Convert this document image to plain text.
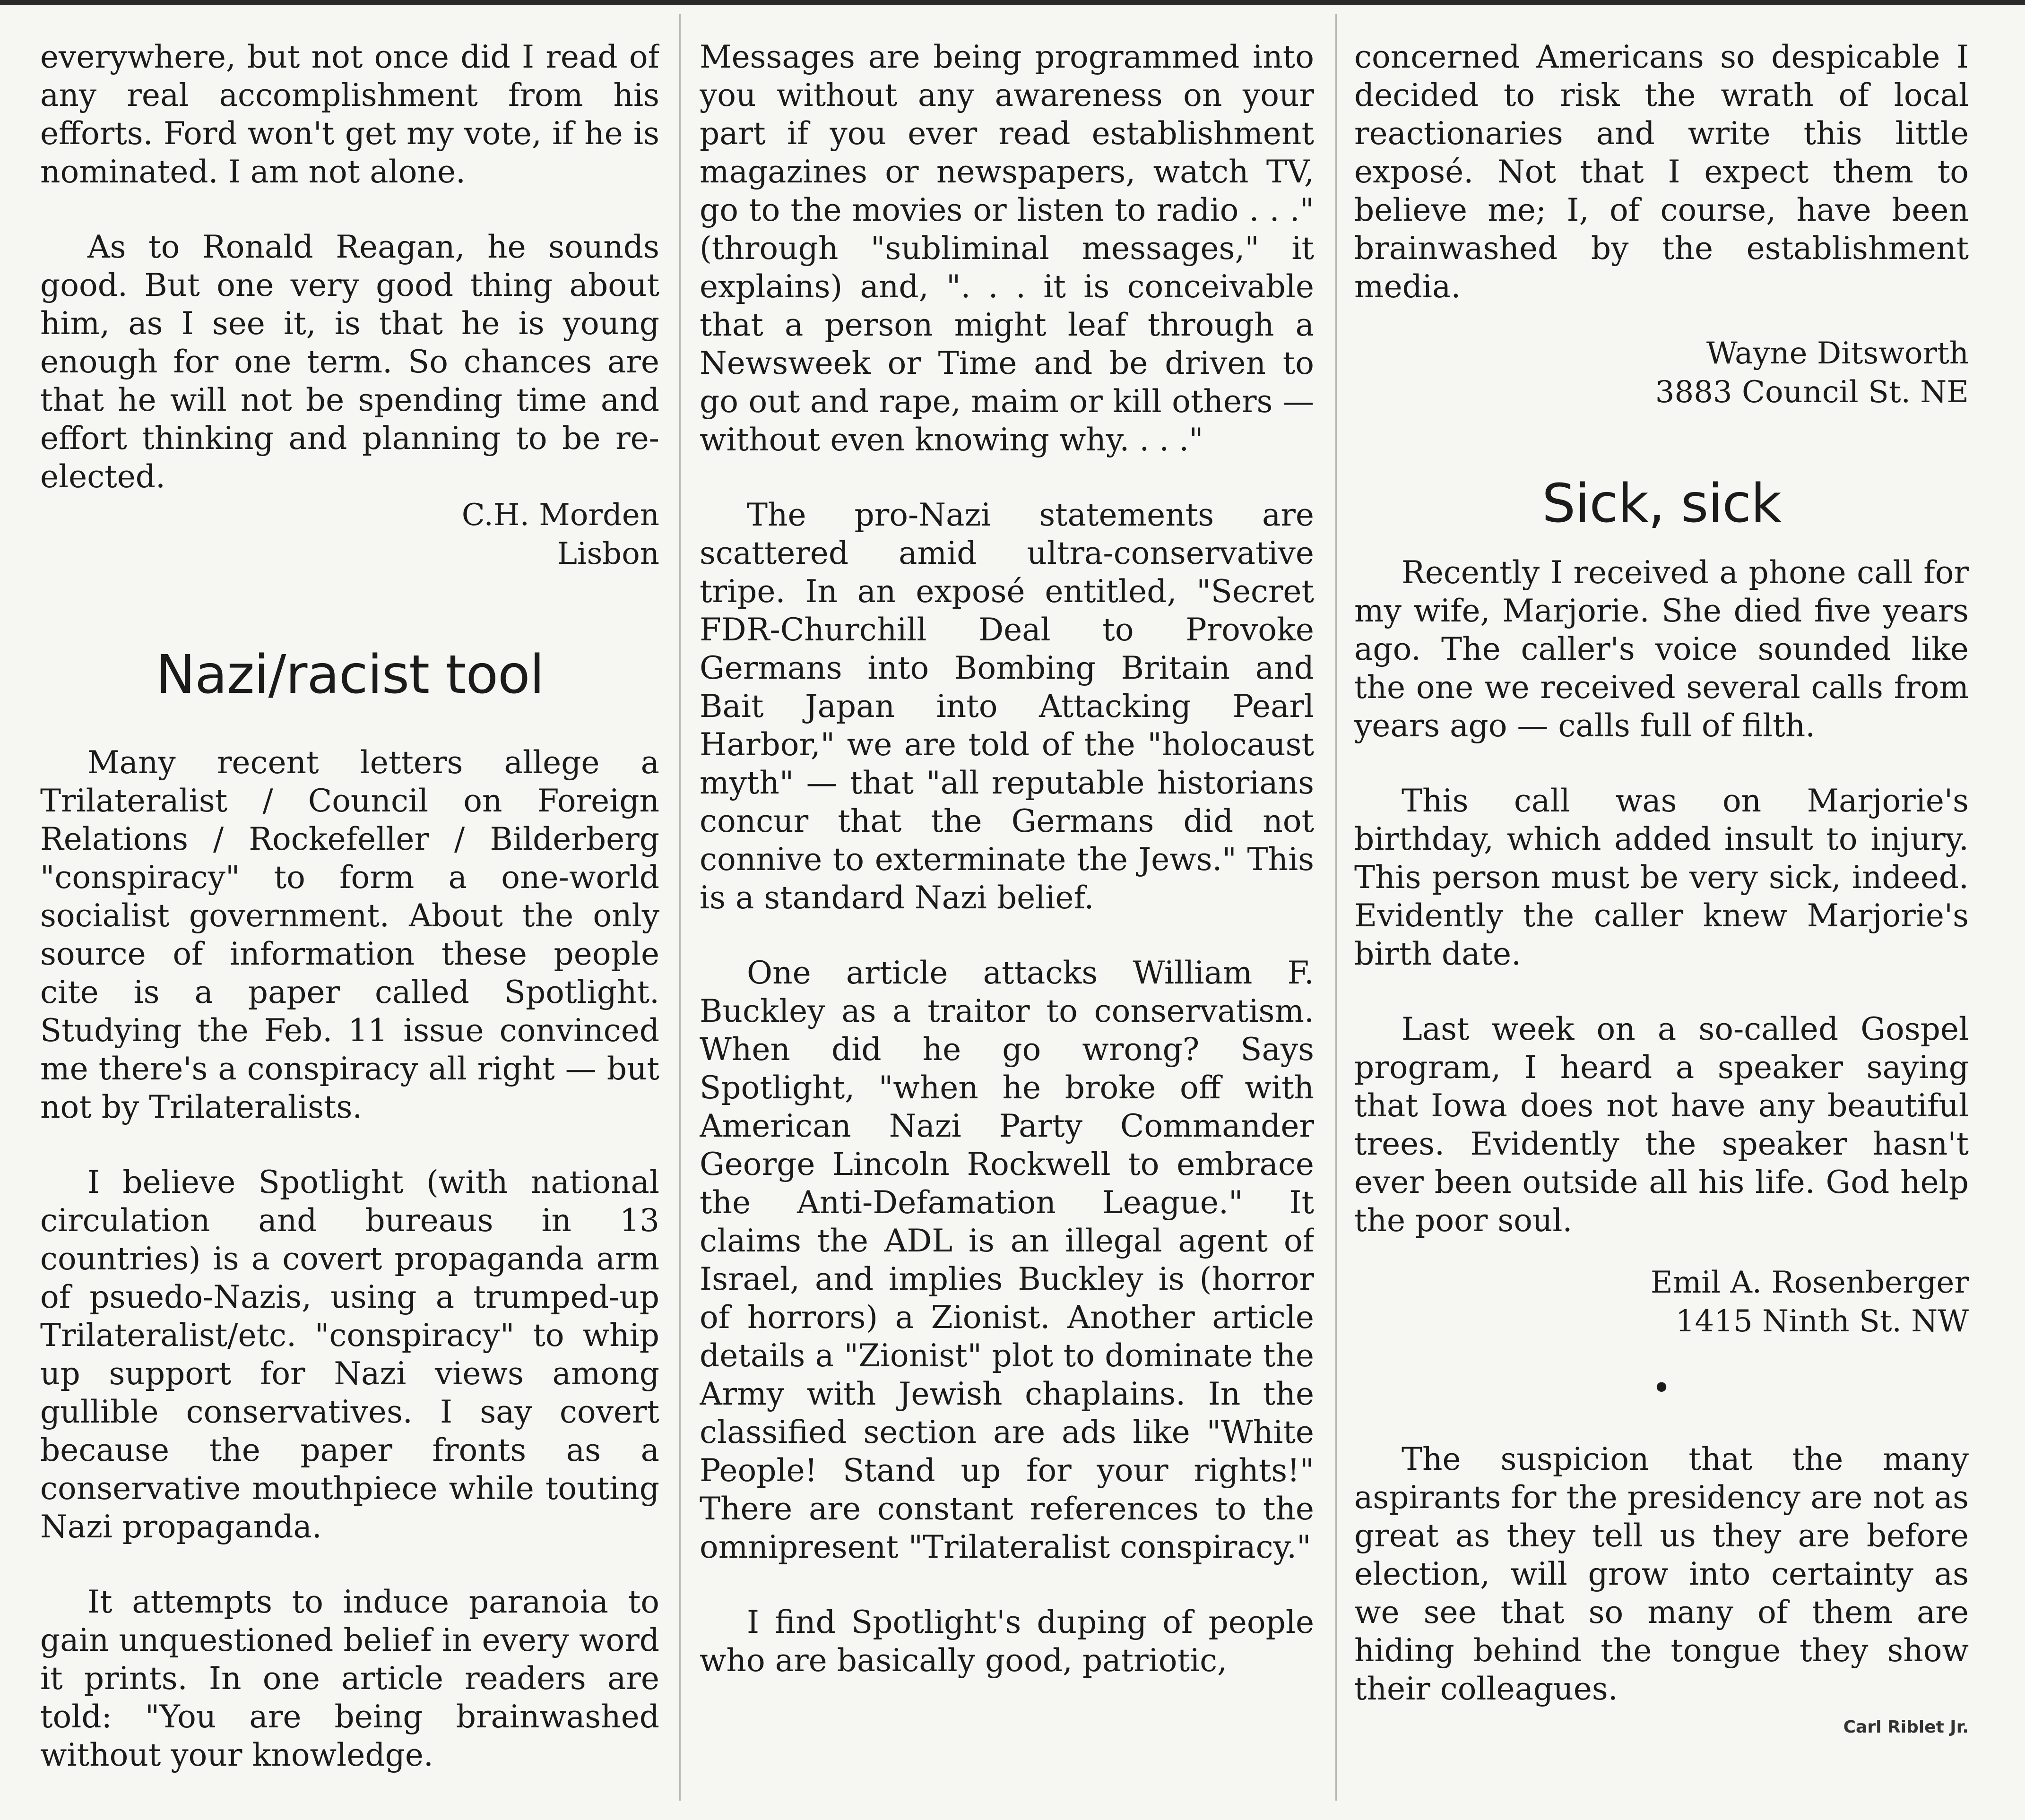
everywhere, but not once did I read of any real accomplishment from his efforts. Ford won't get my vote, if he is nominated. I am not alone.

As to Ronald Reagan, he sounds good. But one very good thing about him, as I see it, is that he is young enough for one term. So chances are that he will not be spending time and effort thinking and planning to be re-elected.

C.H. Morden
Lisbon
Nazi/racist tool

Many recent letters allege a Trilateralist / Council on Foreign Relations / Rockefeller / Bilderberg "conspiracy" to form a one-world socialist government. About the only source of information these people cite is a paper called Spotlight. Studying the Feb. 11 issue convinced me there's a conspiracy all right — but not by Trilateralists.

I believe Spotlight (with national circulation and bureaus in 13 countries) is a covert propaganda arm of psuedo-Nazis, using a trumped-up Trilateralist/etc. "conspiracy" to whip up support for Nazi views among gullible conservatives. I say covert because the paper fronts as a conservative mouthpiece while touting Nazi propaganda.

It attempts to induce paranoia to gain unquestioned belief in every word it prints. In one article readers are told: "You are being brainwashed without your knowledge.

Messages are being programmed into you without any awareness on your part if you ever read establishment magazines or newspapers, watch TV, go to the movies or listen to radio . . ." (through "subliminal messages," it explains) and, ". . . it is conceivable that a person might leaf through a Newsweek or Time and be driven to go out and rape, maim or kill others — without even knowing why. . . ."

The pro-Nazi statements are scattered amid ultra-conservative tripe. In an exposé entitled, "Secret FDR-Churchill Deal to Provoke Germans into Bombing Britain and Bait Japan into Attacking Pearl Harbor," we are told of the "holocaust myth" — that "all reputable historians concur that the Germans did not connive to exterminate the Jews." This is a standard Nazi belief.

One article attacks William F. Buckley as a traitor to conservatism. When did he go wrong? Says Spotlight, "when he broke off with American Nazi Party Commander George Lincoln Rockwell to embrace the Anti-Defamation League." It claims the ADL is an illegal agent of Israel, and implies Buckley is (horror of horrors) a Zionist. Another article details a "Zionist" plot to dominate the Army with Jewish chaplains. In the classified section are ads like "White People! Stand up for your rights!" There are constant references to the omnipresent "Trilateralist conspiracy."

I find Spotlight's duping of people who are basically good, patriotic,

concerned Americans so despicable I decided to risk the wrath of local reactionaries and write this little exposé. Not that I expect them to believe me; I, of course, have been brainwashed by the establishment media.

Wayne Ditsworth
3883 Council St. NE
Sick, sick

Recently I received a phone call for my wife, Marjorie. She died five years ago. The caller's voice sounded like the one we received several calls from years ago — calls full of filth.

This call was on Marjorie's birthday, which added insult to injury. This person must be very sick, indeed. Evidently the caller knew Marjorie's birth date.

Last week on a so-called Gospel program, I heard a speaker saying that Iowa does not have any beautiful trees. Evidently the speaker hasn't ever been outside all his life. God help the poor soul.

Emil A. Rosenberger
1415 Ninth St. NW
•

The suspicion that the many aspirants for the presidency are not as great as they tell us they are before election, will grow into certainty as we see that so many of them are hiding behind the tongue they show their colleagues.

Carl Riblet Jr.
